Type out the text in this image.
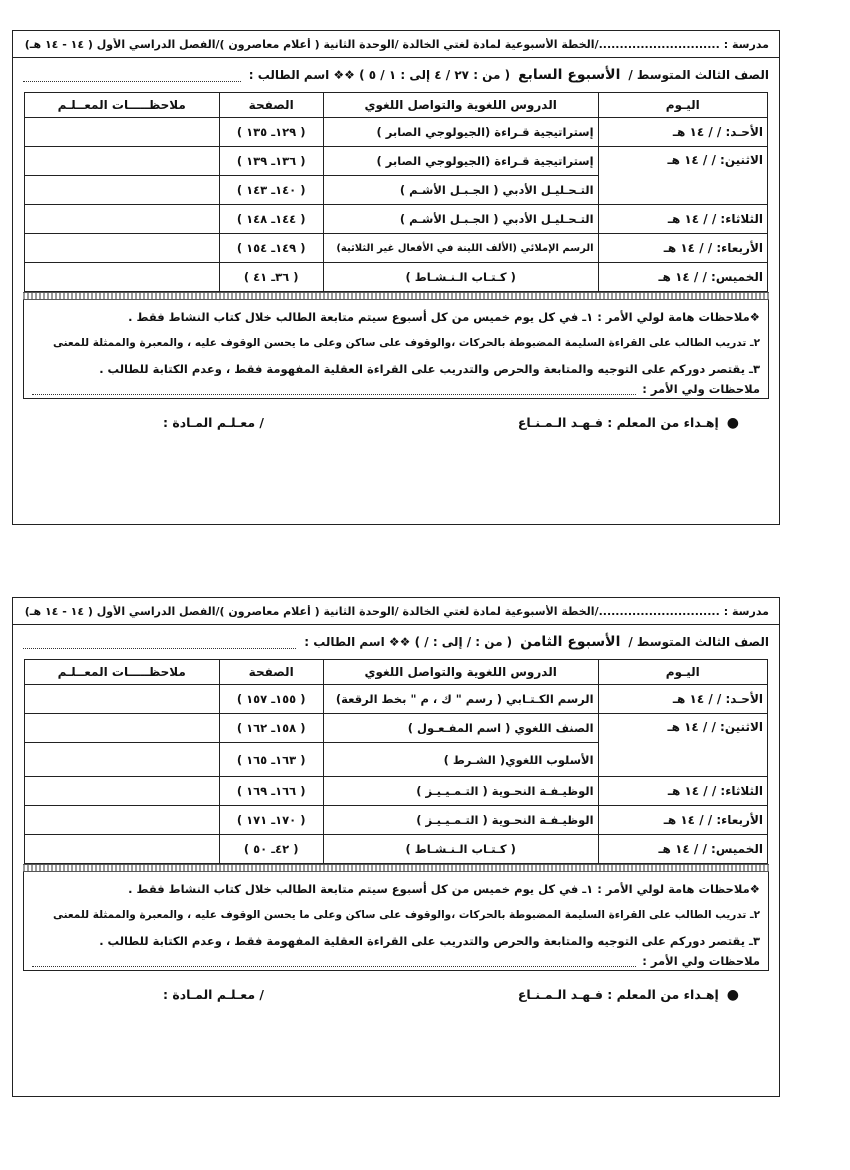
مدرسة :
............................./الخطة الأسبوعية لمادة لغتي الخالدة /الوحدة الثانية ( أعلام معاصرون )/الفصل الدراسي الأول ( ١٤ - ١٤ هـ)
الصف الثالث المتوسط /
الأسبوع السابع
( من : ٢٧ / ٤ إلى : ١ / ٥ ) ❖❖ اسم الطالب :
اليـوم	الدروس اللغوية والتواصل اللغوي	الصفحة	ملاحظـــــات المعــلـم
الأحـد: / / ١٤ هـ	إستراتيجية قـراءة (الجيولوجي الصابر )	( ١٢٩ـ ١٣٥ )	
الاثنين: / / ١٤ هـ	إستراتيجية قـراءة (الجيولوجي الصابر )	( ١٣٦ـ ١٣٩ )	
	التـحـليـل الأدبي ( الجـبـل الأشـم )	( ١٤٠ـ ١٤٣ )	
الثلاثاء: / / ١٤ هـ	التـحـليـل الأدبي ( الجـبـل الأشـم )	( ١٤٤ـ ١٤٨ )	
الأربعاء: / / ١٤ هـ	الرسم الإملائي (الألف اللينة في الأفعال غير الثلاثية)	( ١٤٩ـ ١٥٤ )	
الخميس: / / ١٤ هـ	( كـتـاب الـنـشـاط )	( ٣٦ـ ٤١ )	

❖ملاحظات هامة لولي الأمر : ١ـ في كل يوم خميس من كل أسبوع سيتم متابعة الطالب خلال كتاب النشاط فقط .

٢ـ تدريب الطالب على القراءة السليمة المضبوطة بالحركات ،والوقوف على ساكن وعلى ما يحسن الوقوف عليه ، والمعبرة والممثلة للمعنى

٣ـ يقتصر دوركم على التوجيه والمتابعة والحرص والتدريب على القراءة العقلية المفهومة فقط ، وعدم الكتابة للطالب .

ملاحظات ولي الأمر :
●إهـداء من المعلم : فـهـد الـمـنـاع
/ معـلـم المـادة :
مدرسة :
............................./الخطة الأسبوعية لمادة لغتي الخالدة /الوحدة الثانية ( أعلام معاصرون )/الفصل الدراسي الأول ( ١٤ - ١٤ هـ)
الصف الثالث المتوسط /
الأسبوع الثامن
( من : / إلى : / ) ❖❖ اسم الطالب :
اليـوم	الدروس اللغوية والتواصل اللغوي	الصفحة	ملاحظـــــات المعــلـم
الأحـد: / / ١٤ هـ	الرسم الكـتـابي ( رسم " ك ، م " بخط الرقعة)	( ١٥٥ـ ١٥٧ )	
الاثنين: / / ١٤ هـ	الصنف اللغوي ( اسم المفـعـول )	( ١٥٨ـ ١٦٢ )	
	الأسلوب اللغوي( الشـرط )	( ١٦٣ـ ١٦٥ )	
الثلاثاء: / / ١٤ هـ	الوظيـفـة النحـوية ( التـمـيـيـز )	( ١٦٦ـ ١٦٩ )	
الأربعاء: / / ١٤ هـ	الوظيـفـة النحـوية ( التـمـيـيـز )	( ١٧٠ـ ١٧١ )	
الخميس: / / ١٤ هـ	( كـتـاب الـنـشـاط )	( ٤٢ـ ٥٠ )	

❖ملاحظات هامة لولي الأمر : ١ـ في كل يوم خميس من كل أسبوع سيتم متابعة الطالب خلال كتاب النشاط فقط .

٢ـ تدريب الطالب على القراءة السليمة المضبوطة بالحركات ،والوقوف على ساكن وعلى ما يحسن الوقوف عليه ، والمعبرة والممثلة للمعنى

٣ـ يقتصر دوركم على التوجيه والمتابعة والحرص والتدريب على القراءة العقلية المفهومة فقط ، وعدم الكتابة للطالب .

ملاحظات ولي الأمر :
●إهـداء من المعلم : فـهـد الـمـنـاع
/ معـلـم المـادة :
